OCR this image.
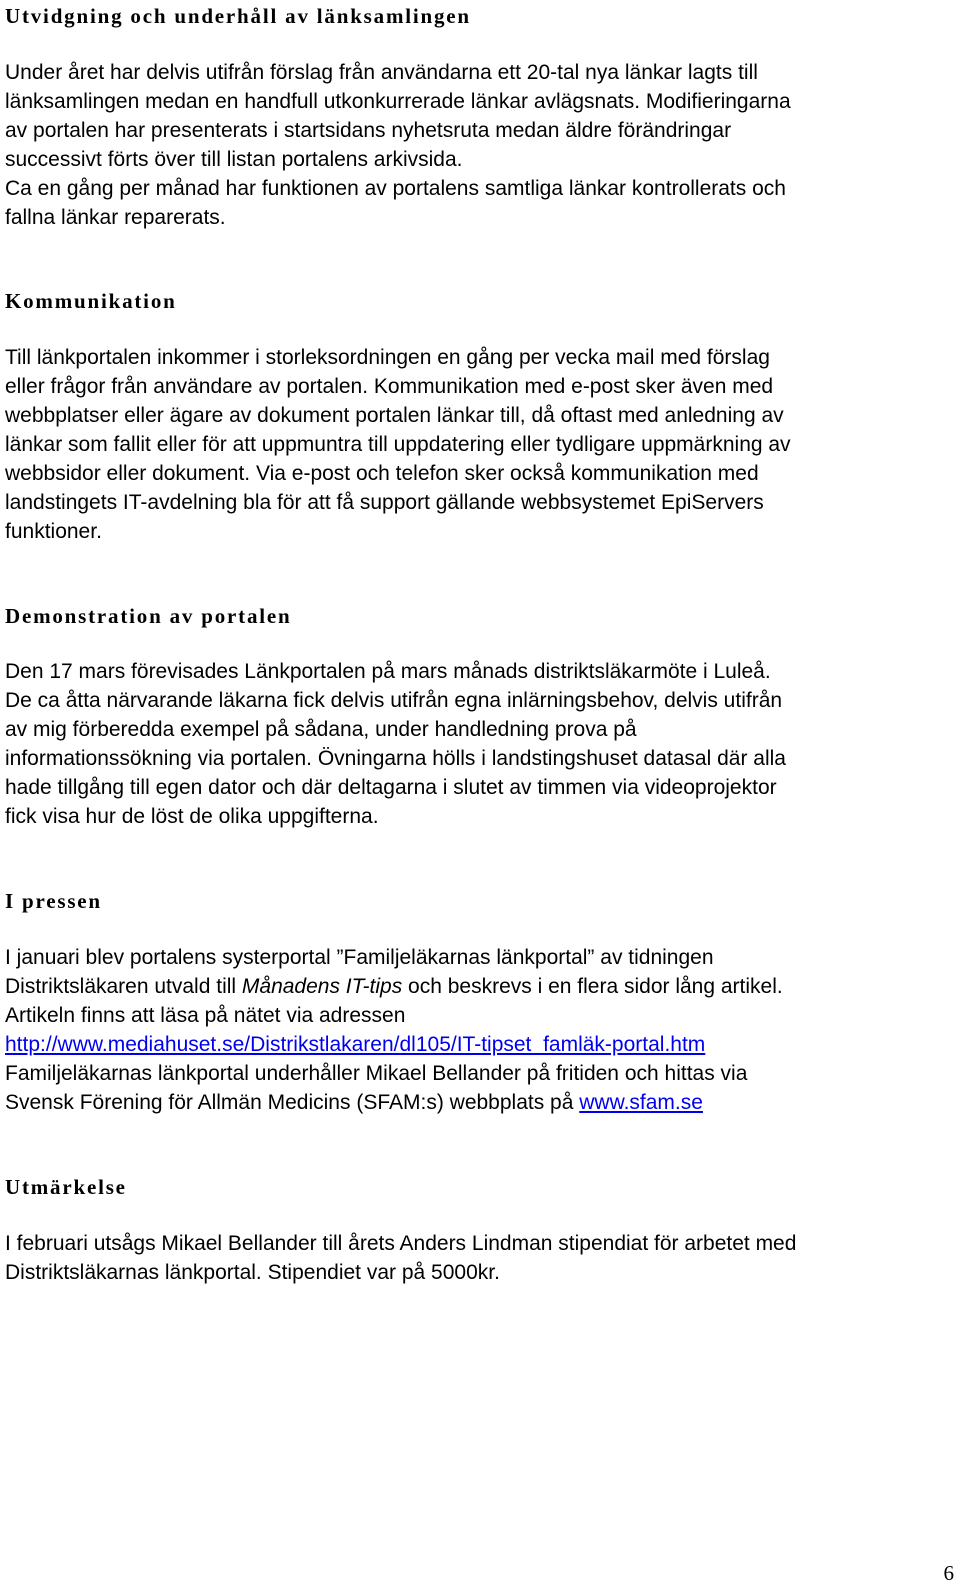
Utvidgning och underhåll av länksamlingen
Under året har delvis utifrån förslag från användarna ett 20-tal nya länkar lagts till
länksamlingen medan en handfull utkonkurrerade länkar avlägsnats. Modifieringarna
av portalen har presenterats i startsidans nyhetsruta medan äldre förändringar
successivt förts över till listan portalens arkivsida.
Ca en gång per månad har funktionen av portalens samtliga länkar kontrollerats och
fallna länkar reparerats.
Kommunikation
Till länkportalen inkommer i storleksordningen en gång per vecka mail med förslag
eller frågor från användare av portalen. Kommunikation med e-post sker även med
webbplatser eller ägare av dokument portalen länkar till, då oftast med anledning av
länkar som fallit eller för att uppmuntra till uppdatering eller tydligare uppmärkning av
webbsidor eller dokument. Via e-post och telefon sker också kommunikation med
landstingets IT-avdelning bla för att få support gällande webbsystemet EpiServers
funktioner.
Demonstration av portalen
Den 17 mars förevisades Länkportalen på mars månads distriktsläkarmöte i Luleå.
De ca åtta närvarande läkarna fick delvis utifrån egna inlärningsbehov, delvis utifrån
av mig förberedda exempel på sådana, under handledning prova på
informationssökning via portalen. Övningarna hölls i landstingshuset datasal där alla
hade tillgång till egen dator och där deltagarna i slutet av timmen via videoprojektor
fick visa hur de löst de olika uppgifterna.
I pressen
I januari blev portalens systerportal ”Familjeläkarnas länkportal” av tidningen
Distriktsläkaren utvald till Månadens IT-tips och beskrevs i en flera sidor lång artikel.
Artikeln finns att läsa på nätet via adressen
http://www.mediahuset.se/Distrikstlakaren/dl105/IT-tipset_famläk-portal.htm
Familjeläkarnas länkportal underhåller Mikael Bellander på fritiden och hittas via
Svensk Förening för Allmän Medicins (SFAM:s) webbplats på www.sfam.se
Utmärkelse
I februari utsågs Mikael Bellander till årets Anders Lindman stipendiat för arbetet med
Distriktsläkarnas länkportal. Stipendiet var på 5000kr.
6
